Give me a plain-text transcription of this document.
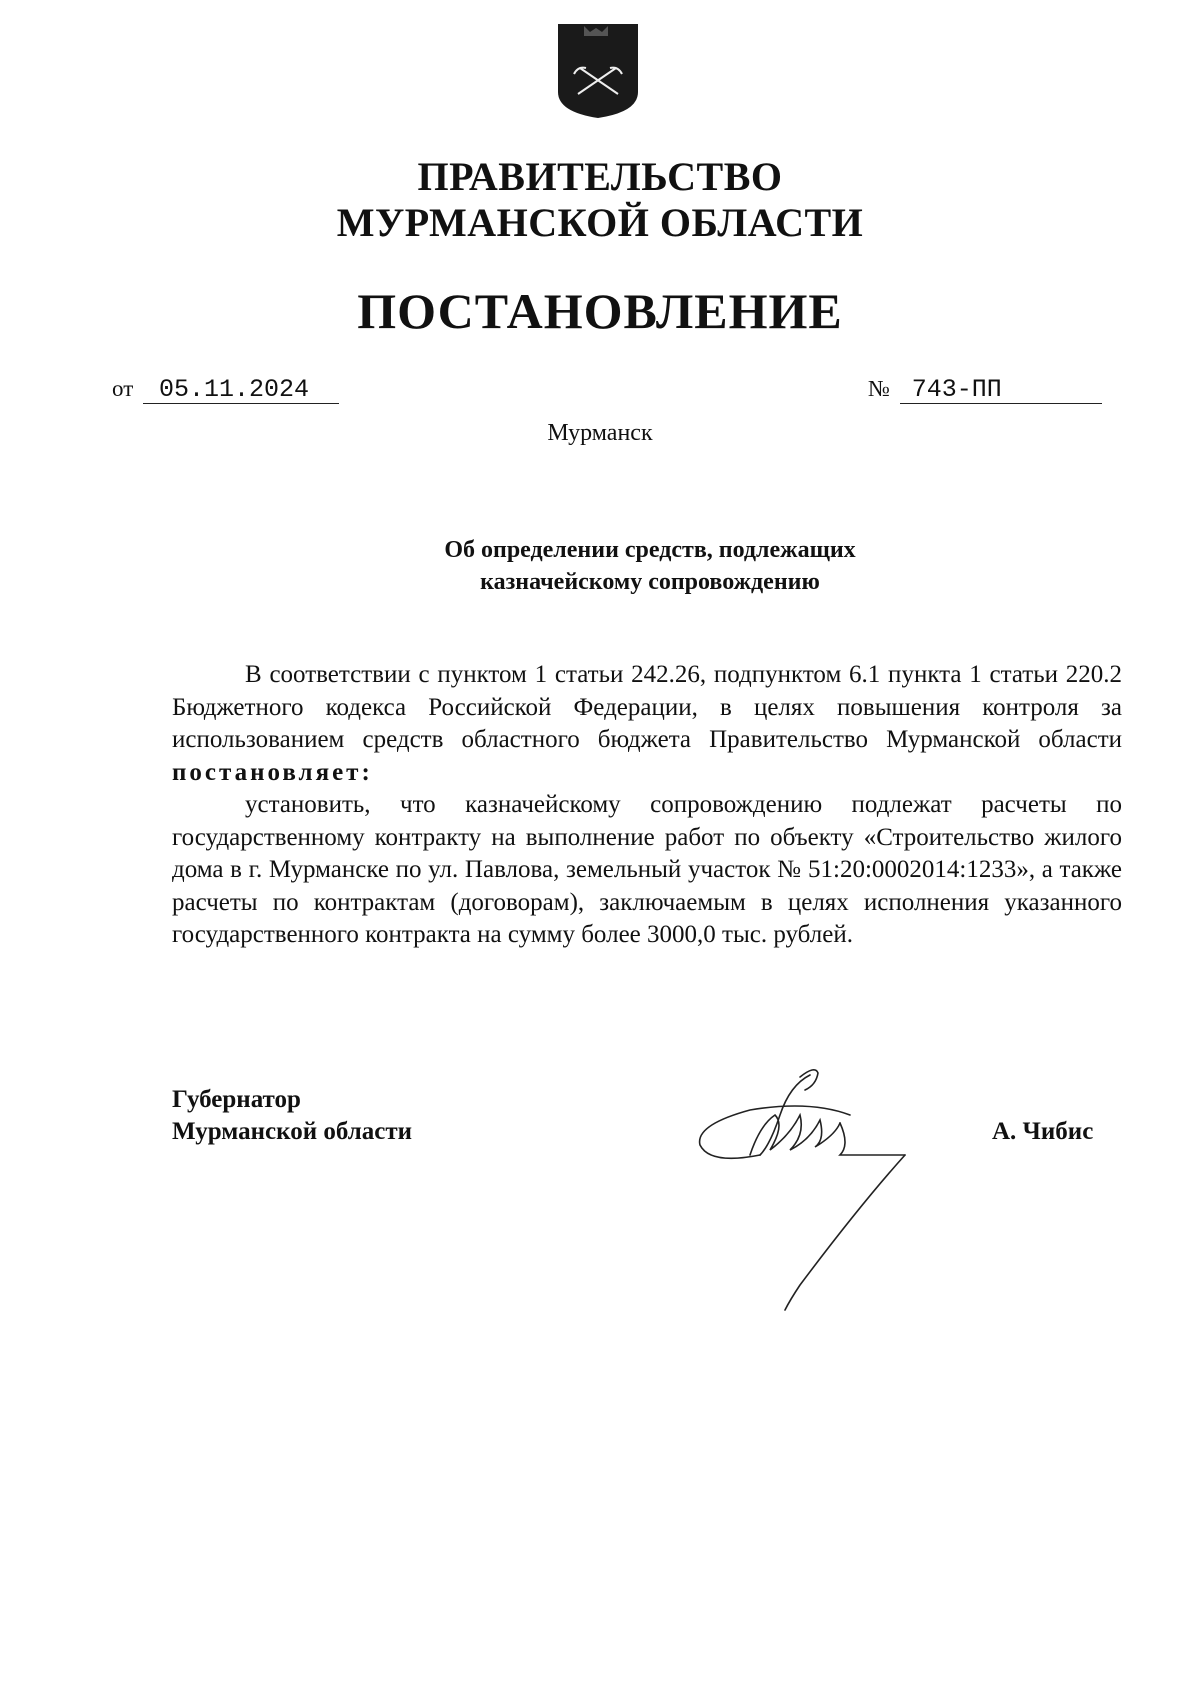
ПРАВИТЕЛЬСТВО
МУРМАНСКОЙ ОБЛАСТИ
ПОСТАНОВЛЕНИЕ
от 05.11.2024	№ 743-ПП
Мурманск
Об определении средств, подлежащих
казначейскому сопровождению

В соответствии с пунктом 1 статьи 242.26, подпунктом 6.1 пункта 1 статьи 220.2 Бюджетного кодекса Российской Федерации, в целях повышения контроля за использованием средств областного бюджета Правительство Мурманской области постановляет:

установить, что казначейскому сопровождению подлежат расчеты по государственному контракту на выполнение работ по объекту «Строительство жилого дома в г. Мурманске по ул. Павлова, земельный участок № 51:20:0002014:1233», а также расчеты по контрактам (договорам), заключаемым в целях исполнения указанного государственного контракта на сумму более 3000,0 тыс. рублей.

Губернатор
Мурманской области	А. Чибис
